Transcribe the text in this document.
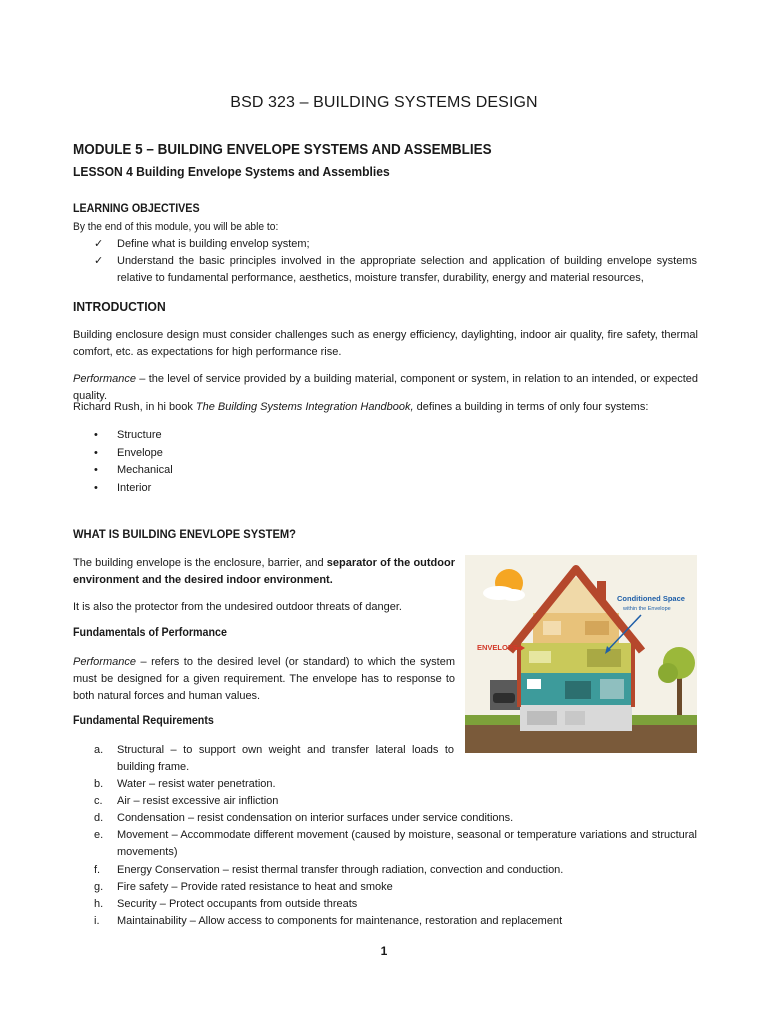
BSD 323 – BUILDING SYSTEMS DESIGN
MODULE 5 – BUILDING ENVELOPE SYSTEMS AND ASSEMBLIES
LESSON 4 Building Envelope Systems and Assemblies
LEARNING OBJECTIVES
By the end of this module, you will be able to:
✓ Define what is building envelop system;
✓ Understand the basic principles involved in the appropriate selection and application of building envelope systems relative to fundamental performance, aesthetics, moisture transfer, durability, energy and material resources,
INTRODUCTION
Building enclosure design must consider challenges such as energy efficiency, daylighting, indoor air quality, fire safety, thermal comfort, etc. as expectations for high performance rise.
Performance – the level of service provided by a building material, component or system, in relation to an intended, or expected quality.
Richard Rush, in hi book The Building Systems Integration Handbook, defines a building in terms of only four systems:
• Structure
• Envelope
• Mechanical
• Interior
WHAT IS BUILDING ENEVLOPE SYSTEM?
The building envelope is the enclosure, barrier, and separator of the outdoor environment and the desired indoor environment.
It is also the protector from the undesired outdoor threats of danger.
Fundamentals of Performance
Performance – refers to the desired level (or standard) to which the system must be designed for a given requirement. The envelope has to response to both natural forces and human values.
Fundamental Requirements
a. Structural – to support own weight and transfer lateral loads to building frame.
b. Water – resist water penetration.
c. Air – resist excessive air infliction
d. Condensation – resist condensation on interior surfaces under service conditions.
e. Movement – Accommodate different movement (caused by moisture, seasonal or temperature variations and structural movements)
f. Energy Conservation – resist thermal transfer through radiation, convection and conduction.
g. Fire safety – Provide rated resistance to heat and smoke
h. Security – Protect occupants from outside threats
i. Maintainability – Allow access to components for maintenance, restoration and replacement
ENVELOPE
Conditioned Space
within the Envelope
1
